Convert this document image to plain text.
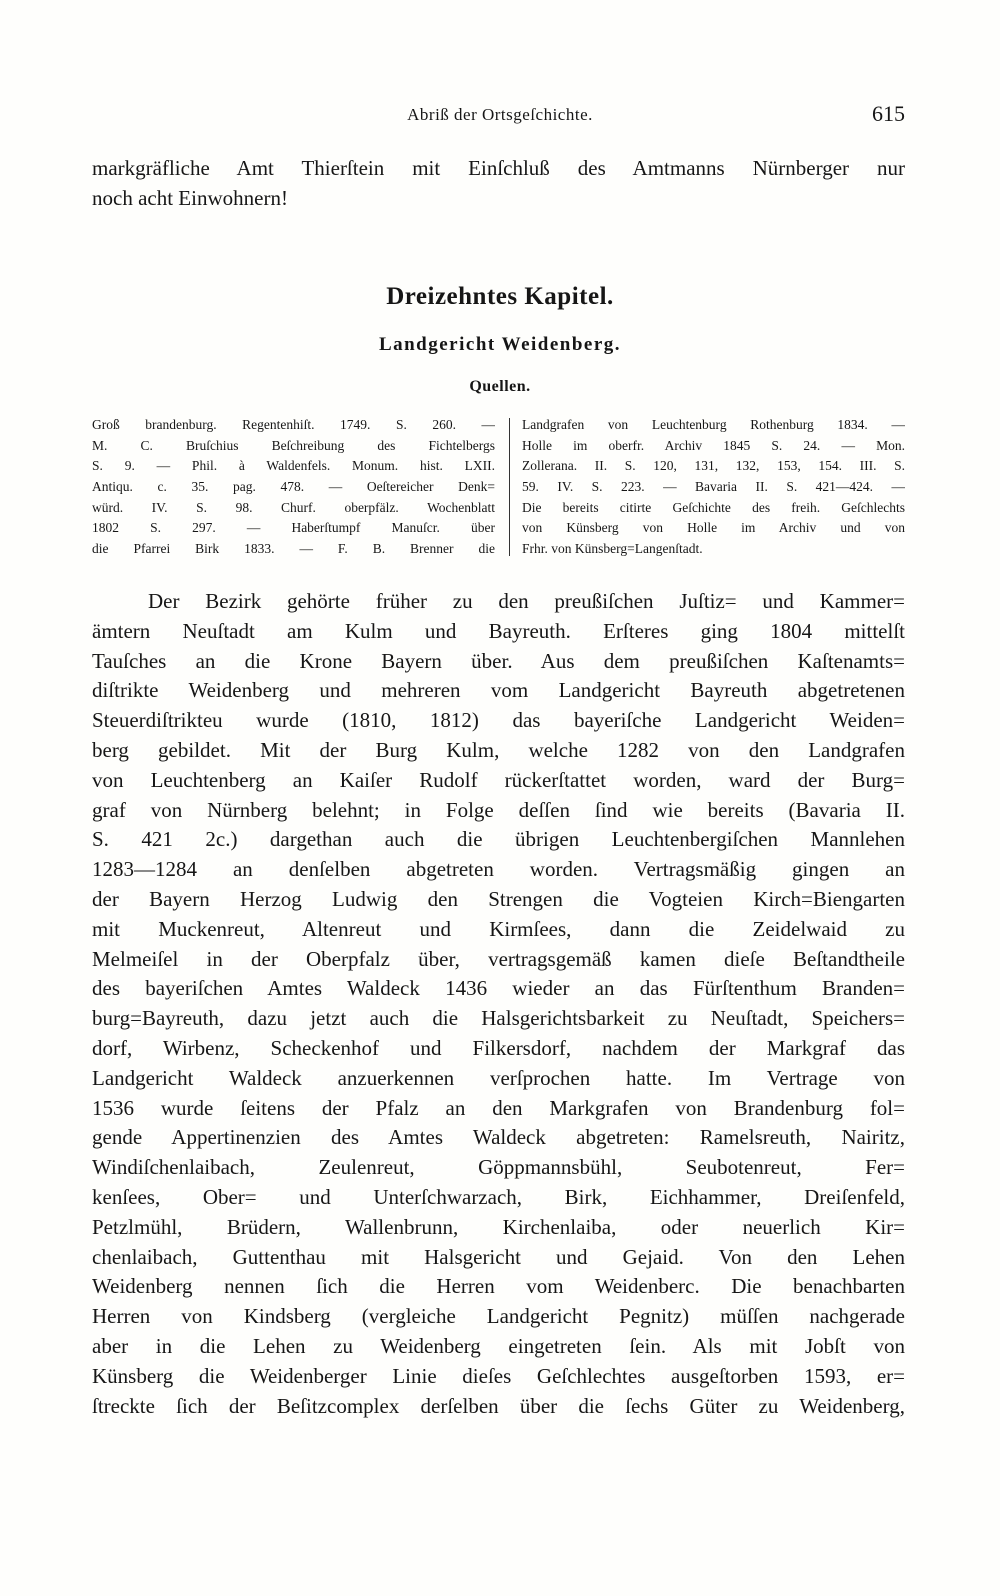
Abriß der Ortsgeſchichte.	615
markgräfliche Amt Thierſtein mit Einſchluß des Amtmanns Nürnberger nur
noch acht Einwohnern!
Dreizehntes Kapitel.
Landgericht Weidenberg.
Quellen.
Groß brandenburg. Regentenhiſt. 1749. S. 260. —
M. C. Bruſchius Beſchreibung des Fichtelbergs
S. 9. — Phil. à Waldenfels. Monum. hist. LXII.
Antiqu. c. 35. pag. 478. — Oeſtereicher Denk=
würd. IV. S. 98. Churf. oberpfälz. Wochenblatt
1802 S. 297. — Haberſtumpf Manuſcr. über
die Pfarrei Birk 1833. — F. B. Brenner die
Landgrafen von Leuchtenburg Rothenburg 1834. —
Holle im oberfr. Archiv 1845 S. 24. — Mon.
Zollerana. II. S. 120, 131, 132, 153, 154. III. S.
59. IV. S. 223. — Bavaria II. S. 421—424. —
Die bereits citirte Geſchichte des freih. Geſchlechts
von Künsberg von Holle im Archiv und von
Frhr. von Künsberg=Langenſtadt.
Der Bezirk gehörte früher zu den preußiſchen Juſtiz= und Kammer=
ämtern Neuſtadt am Kulm und Bayreuth. Erſteres ging 1804 mittelſt
Tauſches an die Krone Bayern über. Aus dem preußiſchen Kaſtenamts=
diſtrikte Weidenberg und mehreren vom Landgericht Bayreuth abgetretenen
Steuerdiſtrikteu wurde (1810, 1812) das bayeriſche Landgericht Weiden=
berg gebildet. Mit der Burg Kulm, welche 1282 von den Landgrafen
von Leuchtenberg an Kaiſer Rudolf rückerſtattet worden, ward der Burg=
graf von Nürnberg belehnt; in Folge deſſen ſind wie bereits (Bavaria II.
S. 421 2c.) dargethan auch die übrigen Leuchtenbergiſchen Mannlehen
1283—1284 an denſelben abgetreten worden. Vertragsmäßig gingen an
der Bayern Herzog Ludwig den Strengen die Vogteien Kirch=Biengarten
mit Muckenreut, Altenreut und Kirmſees, dann die Zeidelwaid zu
Melmeiſel in der Oberpfalz über, vertragsgemäß kamen dieſe Beſtandtheile
des bayeriſchen Amtes Waldeck 1436 wieder an das Fürſtenthum Branden=
burg=Bayreuth, dazu jetzt auch die Halsgerichtsbarkeit zu Neuſtadt, Speichers=
dorf, Wirbenz, Scheckenhof und Filkersdorf, nachdem der Markgraf das
Landgericht Waldeck anzuerkennen verſprochen hatte. Im Vertrage von
1536 wurde ſeitens der Pfalz an den Markgrafen von Brandenburg fol=
gende Appertinenzien des Amtes Waldeck abgetreten: Ramelsreuth, Nairitz,
Windiſchenlaibach, Zeulenreut, Göppmannsbühl, Seubotenreut, Fer=
kenſees, Ober= und Unterſchwarzach, Birk, Eichhammer, Dreiſenfeld,
Petzlmühl, Brüdern, Wallenbrunn, Kirchenlaiba, oder neuerlich Kir=
chenlaibach, Guttenthau mit Halsgericht und Gejaid. Von den Lehen
Weidenberg nennen ſich die Herren vom Weidenberc. Die benachbarten
Herren von Kindsberg (vergleiche Landgericht Pegnitz) müſſen nachgerade
aber in die Lehen zu Weidenberg eingetreten ſein. Als mit Jobſt von
Künsberg die Weidenberger Linie dieſes Geſchlechtes ausgeſtorben 1593, er=
ſtreckte ſich der Beſitzcomplex derſelben über die ſechs Güter zu Weidenberg,
